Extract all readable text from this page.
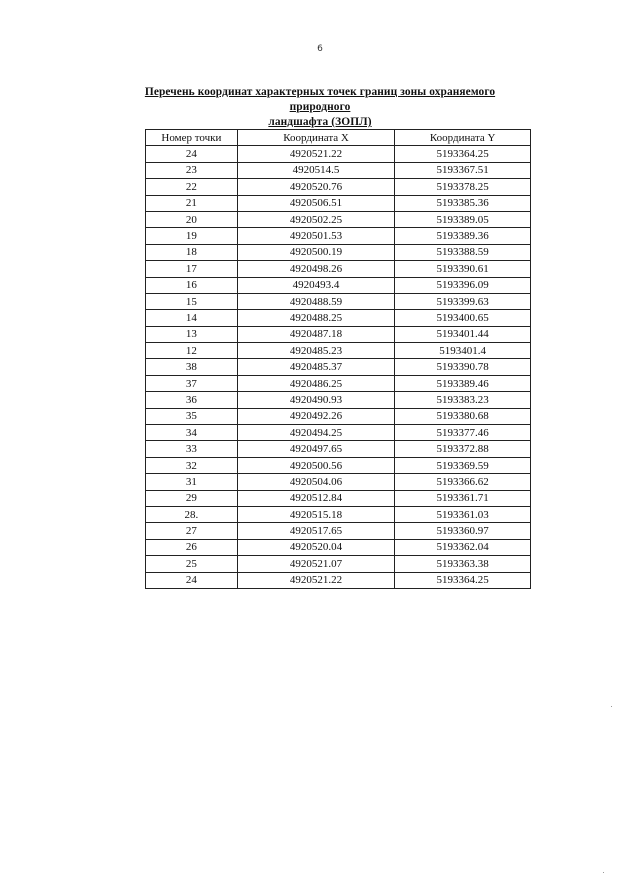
6
Перечень координат характерных точек границ зоны охраняемого природного
ландшафта (ЗОПЛ)
Номер точки	Координата X	Координата Y
24	4920521.22	5193364.25
23	4920514.5	5193367.51
22	4920520.76	5193378.25
21	4920506.51	5193385.36
20	4920502.25	5193389.05
19	4920501.53	5193389.36
18	4920500.19	5193388.59
17	4920498.26	5193390.61
16	4920493.4	5193396.09
15	4920488.59	5193399.63
14	4920488.25	5193400.65
13	4920487.18	5193401.44
12	4920485.23	5193401.4
38	4920485.37	5193390.78
37	4920486.25	5193389.46
36	4920490.93	5193383.23
35	4920492.26	5193380.68
34	4920494.25	5193377.46
33	4920497.65	5193372.88
32	4920500.56	5193369.59
31	4920504.06	5193366.62
29	4920512.84	5193361.71
28.	4920515.18	5193361.03
27	4920517.65	5193360.97
26	4920520.04	5193362.04
25	4920521.07	5193363.38
24	4920521.22	5193364.25
